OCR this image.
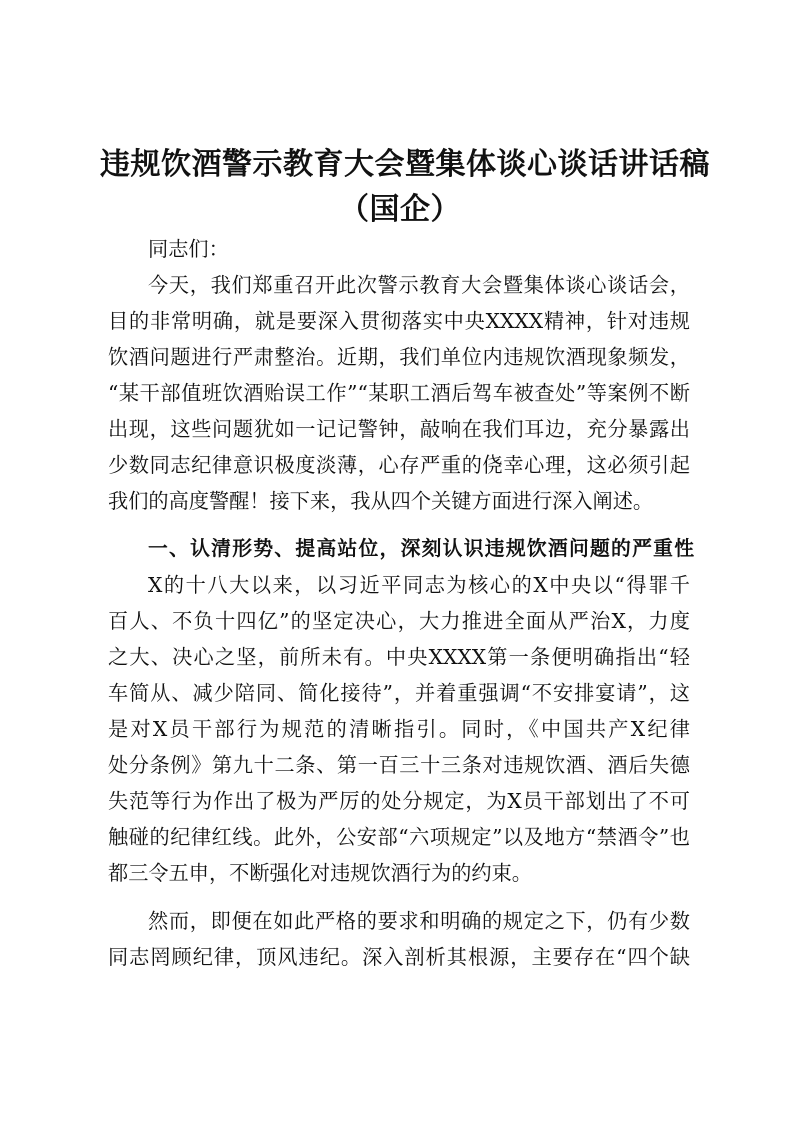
违规饮酒警示教育大会暨集体谈心谈话讲话稿
（国企）
同志们：
今天，我们郑重召开此次警示教育大会暨集体谈心谈话会，
目的非常明确，就是要深入贯彻落实中央XXXX精神，针对违规
饮酒问题进行严肃整治。近期，我们单位内违规饮酒现象频发，
“某干部值班饮酒贻误工作”“某职工酒后驾车被查处”等案例不断
出现，这些问题犹如一记记警钟，敲响在我们耳边，充分暴露出
少数同志纪律意识极度淡薄，心存严重的侥幸心理，这必须引起
我们的高度警醒！接下来，我从四个关键方面进行深入阐述。
一、认清形势、提高站位，深刻认识违规饮酒问题的严重性
X的十八大以来，以习近平同志为核心的X中央以“得罪千
百人、不负十四亿”的坚定决心，大力推进全面从严治X，力度
之大、决心之坚，前所未有。中央XXXX第一条便明确指出“轻
车简从、减少陪同、简化接待”，并着重强调“不安排宴请”，这
是对X员干部行为规范的清晰指引。同时，《中国共产X纪律
处分条例》第九十二条、第一百三十三条对违规饮酒、酒后失德
失范等行为作出了极为严厉的处分规定，为X员干部划出了不可
触碰的纪律红线。此外，公安部“六项规定”以及地方“禁酒令”也
都三令五申，不断强化对违规饮酒行为的约束。
然而，即便在如此严格的要求和明确的规定之下，仍有少数
同志罔顾纪律，顶风违纪。深入剖析其根源，主要存在“四个缺
